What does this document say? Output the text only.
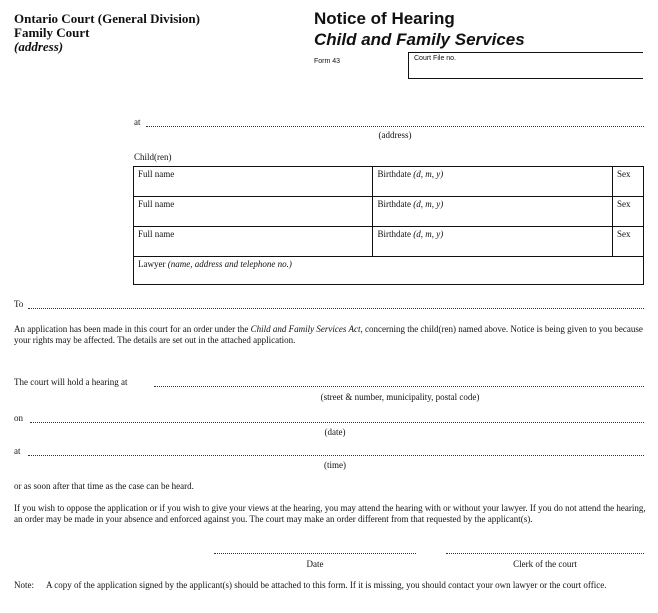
Ontario Court (General Division)
Family Court
(address)
Notice of Hearing
Child and Family Services
Form 43	Court File no.
at
(address)
Child(ren)
Full name	Birthdate (d, m, y)	Sex
Full name	Birthdate (d, m, y)	Sex
Full name	Birthdate (d, m, y)	Sex
Lawyer (name, address and telephone no.)		
To
An application has been made in this court for an order under the Child and Family Services Act, concerning the child(ren) named above. Notice is being given to you because your rights may be affected. The details are set out in the attached application.
The court will hold a hearing at
(street & number, municipality, postal code)
on
(date)
at
(time)
or as soon after that time as the case can be heard.
If you wish to oppose the application or if you wish to give your views at the hearing, you may attend the hearing with or without your lawyer. If you do not attend the hearing, an order may be made in your absence and enforced against you. The court may make an order different from that requested by the applicant(s).
Date	Clerk of the court
Note: A copy of the application signed by the applicant(s) should be attached to this form. If it is missing, you should contact your own lawyer or the court office.
